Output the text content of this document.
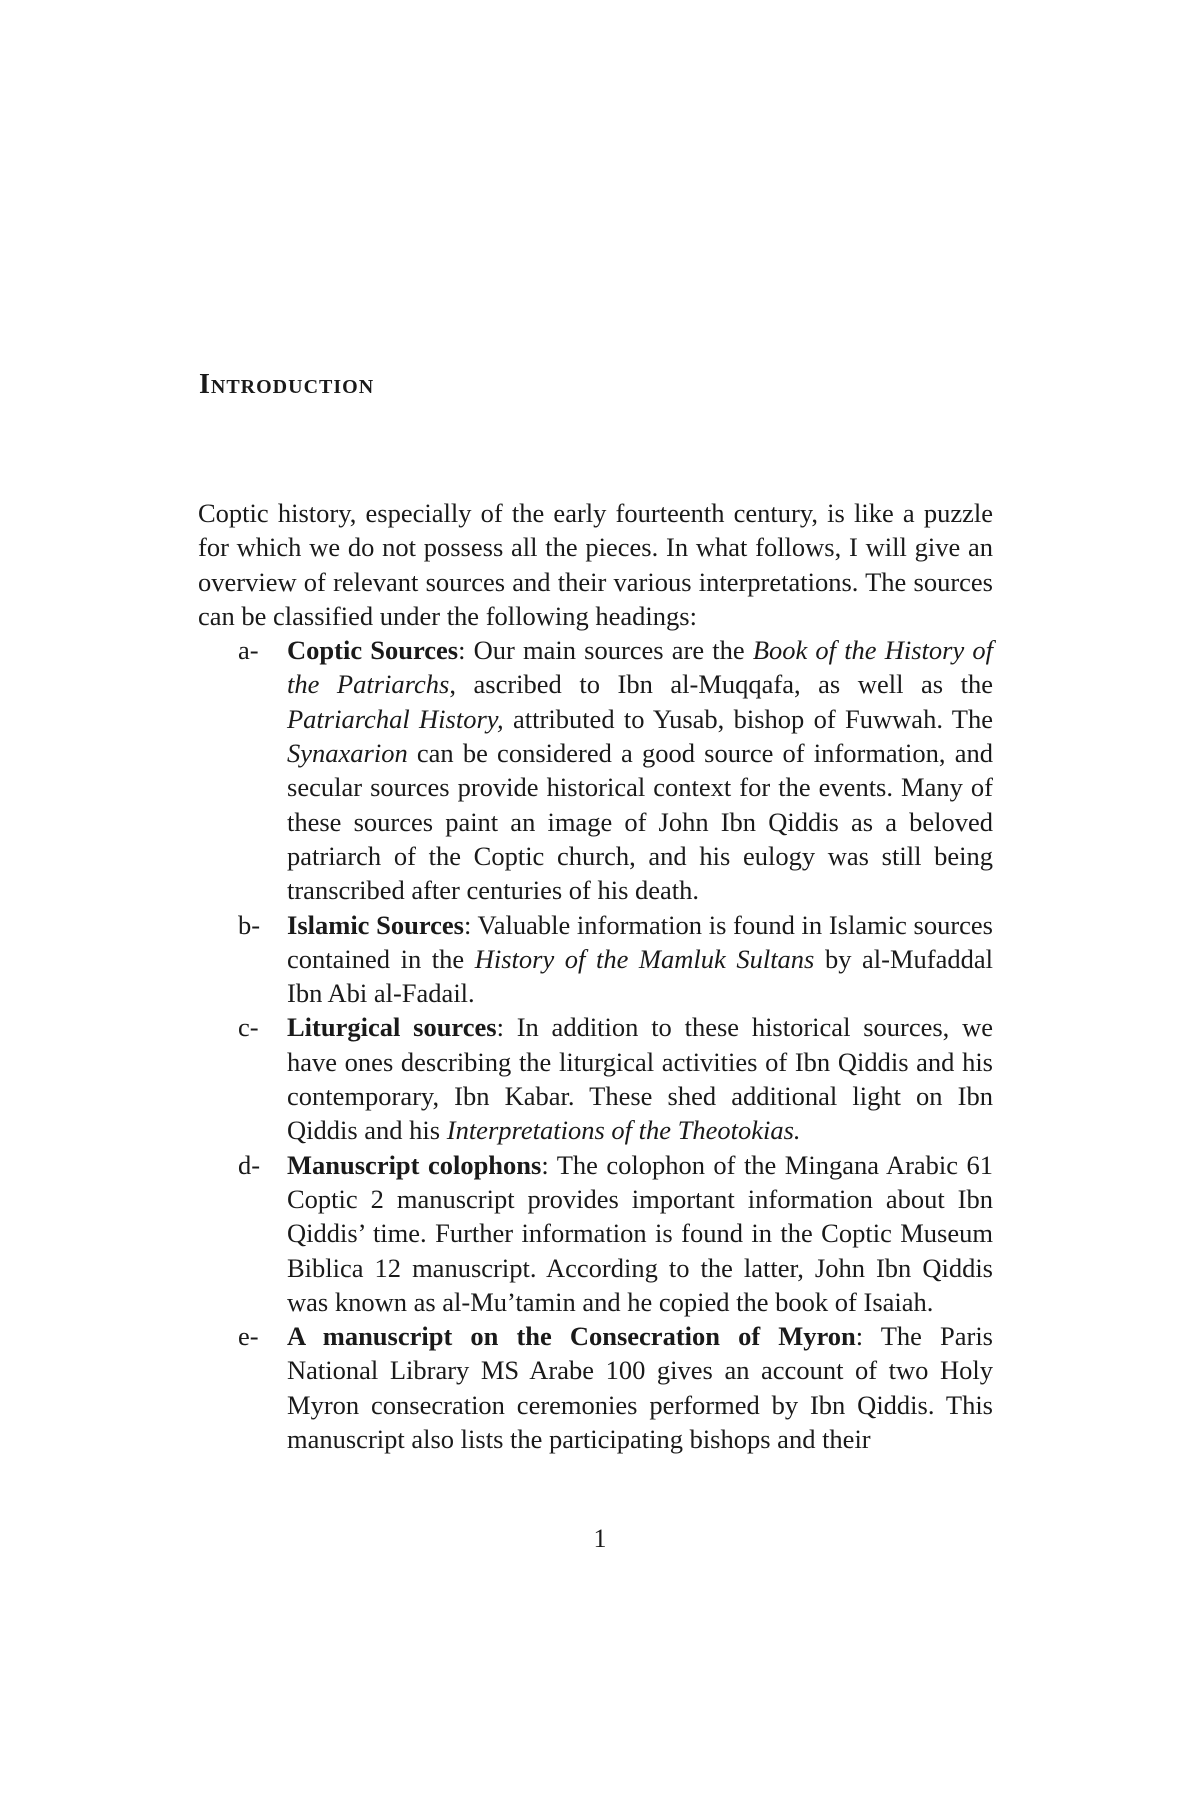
Introduction

Coptic history, especially of the early fourteenth century, is like a puzzle for which we do not possess all the pieces. In what follows, I will give an overview of relevant sources and their various interpretations. The sources can be classified under the following headings:

a- Coptic Sources: Our main sources are the Book of the History of the Patriarchs, ascribed to Ibn al-Muqqafa, as well as the Patriarchal History, attributed to Yusab, bishop of Fuwwah. The Synaxarion can be considered a good source of information, and secular sources provide historical context for the events. Many of these sources paint an image of John Ibn Qiddis as a beloved patriarch of the Coptic church, and his eulogy was still being transcribed after centuries of his death.
b- Islamic Sources: Valuable information is found in Islamic sources contained in the History of the Mamluk Sultans by al-Mufaddal Ibn Abi al-Fadail.
c- Liturgical sources: In addition to these historical sources, we have ones describing the liturgical activities of Ibn Qiddis and his contemporary, Ibn Kabar. These shed additional light on Ibn Qiddis and his Interpretations of the Theotokias.
d- Manuscript colophons: The colophon of the Mingana Arabic 61 Coptic 2 manuscript provides important information about Ibn Qiddis’ time. Further information is found in the Coptic Museum Biblica 12 manuscript. According to the latter, John Ibn Qiddis was known as al-Mu’tamin and he copied the book of Isaiah.
e- A manuscript on the Consecration of Myron: The Paris National Library MS Arabe 100 gives an account of two Holy Myron consecration ceremonies performed by Ibn Qiddis. This manuscript also lists the participating bishops and their
1
